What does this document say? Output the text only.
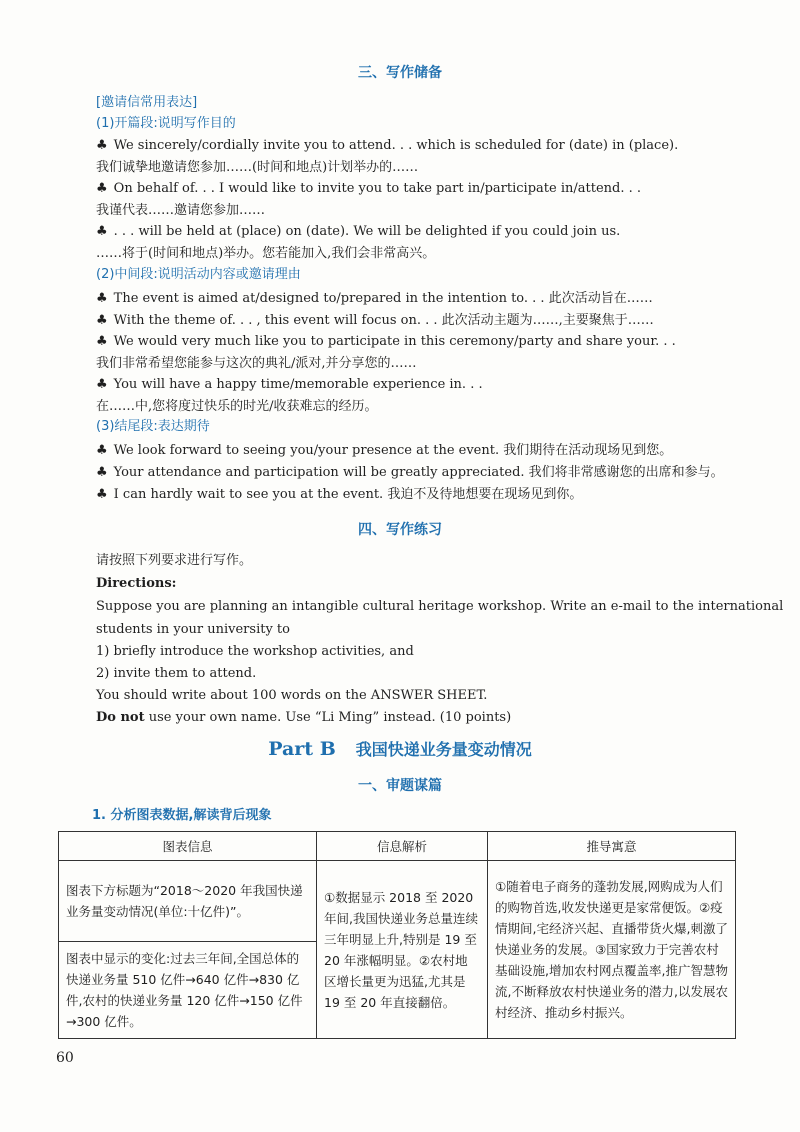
三、写作储备
[邀请信常用表达]
(1)开篇段:说明写作目的
♣ We sincerely/cordially invite you to attend. . . which is scheduled for (date) in (place).
我们诚挚地邀请您参加……(时间和地点)计划举办的……
♣ On behalf of. . . I would like to invite you to take part in/participate in/attend. . .
我谨代表……邀请您参加……
♣ . . . will be held at (place) on (date). We will be delighted if you could join us.
……将于(时间和地点)举办。您若能加入,我们会非常高兴。
(2)中间段:说明活动内容或邀请理由
♣ The event is aimed at/designed to/prepared in the intention to. . . 此次活动旨在……
♣ With the theme of. . . , this event will focus on. . . 此次活动主题为……,主要聚焦于……
♣ We would very much like you to participate in this ceremony/party and share your. . .
我们非常希望您能参与这次的典礼/派对,并分享您的……
♣ You will have a happy time/memorable experience in. . .
在……中,您将度过快乐的时光/收获难忘的经历。
(3)结尾段:表达期待
♣ We look forward to seeing you/your presence at the event. 我们期待在活动现场见到您。
♣ Your attendance and participation will be greatly appreciated. 我们将非常感谢您的出席和参与。
♣ I can hardly wait to see you at the event. 我迫不及待地想要在现场见到你。
四、写作练习
请按照下列要求进行写作。
Directions:
Suppose you are planning an intangible cultural heritage workshop. Write an e-mail to the international
students in your university to
1) briefly introduce the workshop activities, and
2) invite them to attend.
You should write about 100 words on the ANSWER SHEET.
Do not use your own name. Use “Li Ming” instead. (10 points)
Part B 我国快递业务量变动情况
一、审题谋篇
1. 分析图表数据,解读背后现象
图表信息	信息解析	推导寓意
图表下方标题为“2018～2020 年我国快递业务量变动情况(单位:十亿件)”。	①数据显示 2018 至 2020 年间,我国快递业务总量连续三年明显上升,特别是 19 至 20 年涨幅明显。②农村地区增长量更为迅猛,尤其是 19 至 20 年直接翻倍。	①随着电子商务的蓬勃发展,网购成为人们的购物首选,收发快递更是家常便饭。②疫情期间,宅经济兴起、直播带货火爆,刺激了快递业务的发展。③国家致力于完善农村基础设施,增加农村网点覆盖率,推广智慧物流,不断释放农村快递业务的潜力,以发展农村经济、推动乡村振兴。
图表中显示的变化:过去三年间,全国总体的快递业务量 510 亿件→640 亿件→830 亿件,农村的快递业务量 120 亿件→150 亿件→300 亿件。		
60
